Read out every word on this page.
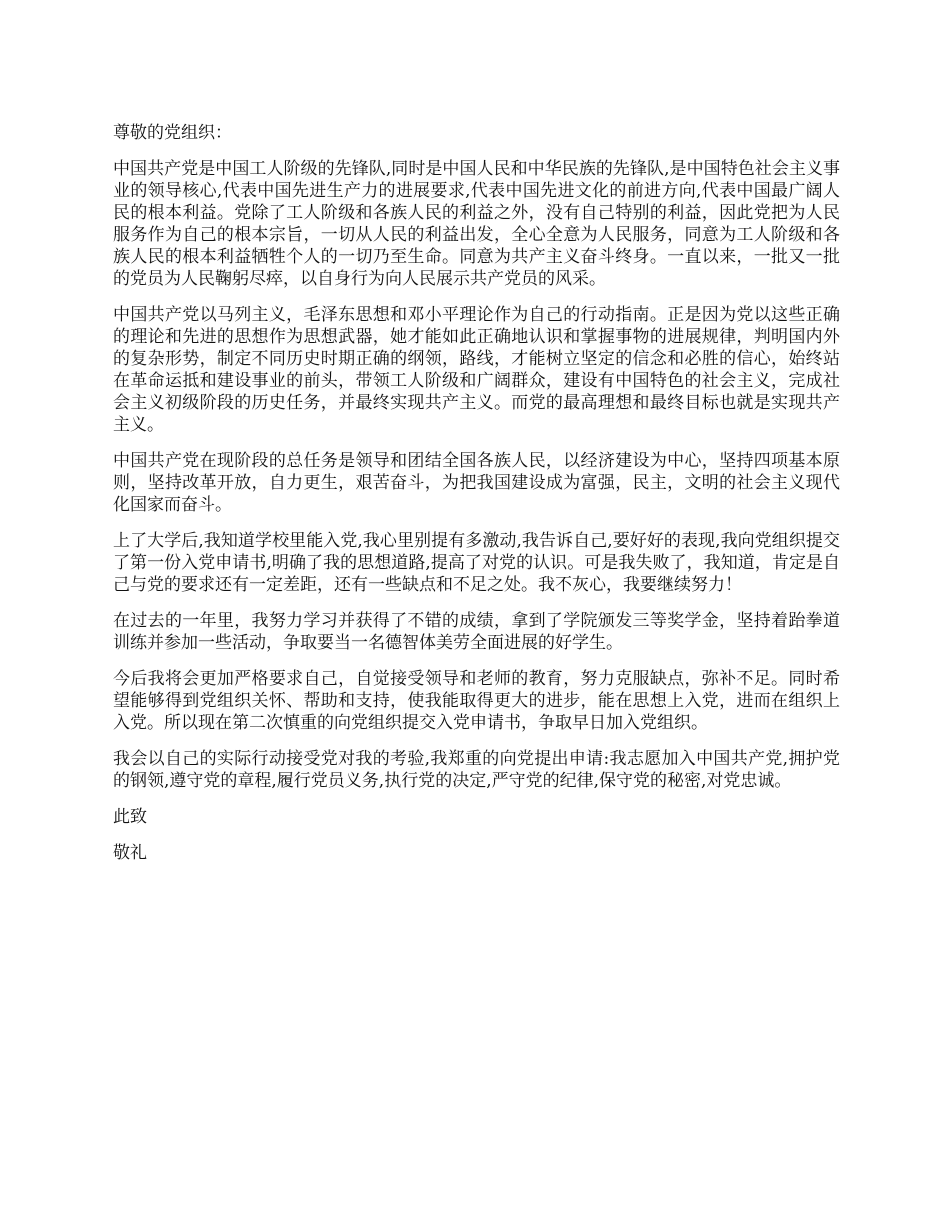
尊敬的党组织：

中国共产党是中国工人阶级的先锋队,同时是中国人民和中华民族的先锋队,是中国特色社会主义事业的领导核心,代表中国先进生产力的进展要求,代表中国先进文化的前进方向,代表中国最广阔人民的根本利益。党除了工人阶级和各族人民的利益之外，没有自己特别的利益，因此党把为人民服务作为自己的根本宗旨，一切从人民的利益出发，全心全意为人民服务，同意为工人阶级和各族人民的根本利益牺牲个人的一切乃至生命。同意为共产主义奋斗终身。一直以来，一批又一批的党员为人民鞠躬尽瘁，以自身行为向人民展示共产党员的风采。

中国共产党以马列主义，毛泽东思想和邓小平理论作为自己的行动指南。正是因为党以这些正确的理论和先进的思想作为思想武器，她才能如此正确地认识和掌握事物的进展规律，判明国内外的复杂形势，制定不同历史时期正确的纲领，路线，才能树立坚定的信念和必胜的信心，始终站在革命运抵和建设事业的前头，带领工人阶级和广阔群众，建设有中国特色的社会主义，完成社会主义初级阶段的历史任务，并最终实现共产主义。而党的最高理想和最终目标也就是实现共产主义。

中国共产党在现阶段的总任务是领导和团结全国各族人民，以经济建设为中心，坚持四项基本原则，坚持改革开放，自力更生，艰苦奋斗，为把我国建设成为富强，民主，文明的社会主义现代化国家而奋斗。

上了大学后,我知道学校里能入党,我心里别提有多激动,我告诉自己,要好好的表现,我向党组织提交了第一份入党申请书,明确了我的思想道路,提高了对党的认识。可是我失败了，我知道，肯定是自己与党的要求还有一定差距，还有一些缺点和不足之处。我不灰心，我要继续努力！

在过去的一年里，我努力学习并获得了不错的成绩，拿到了学院颁发三等奖学金，坚持着跆拳道训练并参加一些活动，争取要当一名德智体美劳全面进展的好学生。

今后我将会更加严格要求自己，自觉接受领导和老师的教育，努力克服缺点，弥补不足。同时希望能够得到党组织关怀、帮助和支持，使我能取得更大的进步，能在思想上入党，进而在组织上入党。所以现在第二次慎重的向党组织提交入党申请书，争取早日加入党组织。

我会以自己的实际行动接受党对我的考验,我郑重的向党提出申请:我志愿加入中国共产党,拥护党的钢领,遵守党的章程,履行党员义务,执行党的决定,严守党的纪律,保守党的秘密,对党忠诚。

此致

敬礼
